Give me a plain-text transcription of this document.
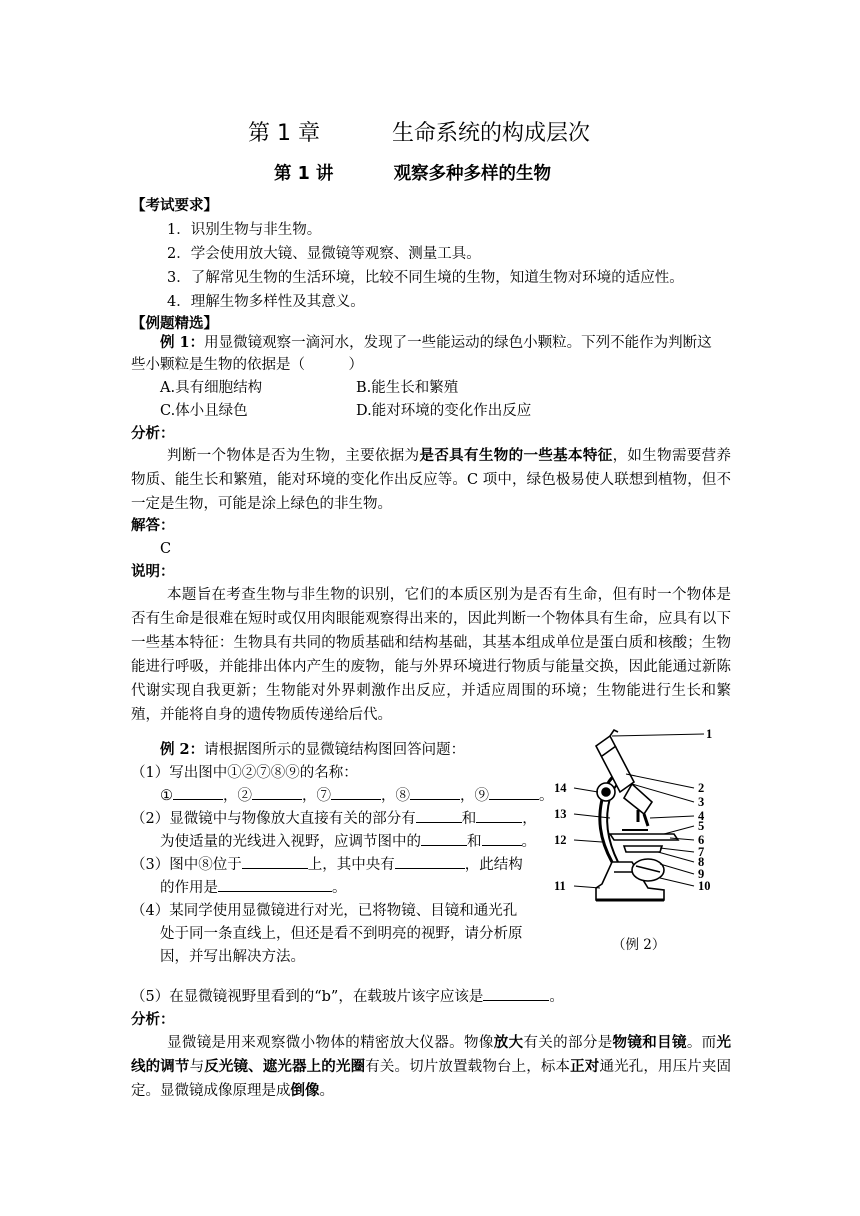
第 1 章	生命系统的构成层次
第 1 讲	观察多种多样的生物
【考试要求】
1．识别生物与非生物。
2．学会使用放大镜、显微镜等观察、测量工具。
3．了解常见生物的生活环境，比较不同生境的生物，知道生物对环境的适应性。
4．理解生物多样性及其意义。
【例题精选】
例 1：用显微镜观察一滴河水，发现了一些能运动的绿色小颗粒。下列不能作为判断这
些小颗粒是生物的依据是（　　　）
A.具有细胞结构	B.能生长和繁殖
C.体小且绿色	D.能对环境的变化作出反应
分析：
判断一个物体是否为生物，主要依据为是否具有生物的一些基本特征，如生物需要营养物质、能生长和繁殖，能对环境的变化作出反应等。C 项中，绿色极易使人联想到植物，但不一定是生物，可能是涂上绿色的非生物。
解答：
C
说明：
本题旨在考查生物与非生物的识别，它们的本质区别为是否有生命，但有时一个物体是否有生命是很难在短时或仅用肉眼能观察得出来的，因此判断一个物体具有生命，应具有以下一些基本特征：生物具有共同的物质基础和结构基础，其基本组成单位是蛋白质和核酸；生物能进行呼吸，并能排出体内产生的废物，能与外界环境进行物质与能量交换，因此能通过新陈代谢实现自我更新；生物能对外界刺激作出反应，并适应周围的环境；生物能进行生长和繁殖，并能将自身的遗传物质传递给后代。
例 2：请根据图所示的显微镜结构图回答问题：
（1）写出图中①②⑦⑧⑨的名称：
①	，②	，⑦	，⑧	，⑨	。
（2）显微镜中与物像放大直接有关的部分有	和	，
为使适量的光线进入视野，应调节图中的	和	。
（3）图中⑧位于	上，其中央有	，此结构
的作用是	。
（4）某同学使用显微镜进行对光，已将物镜、目镜和通光孔
处于同一条直线上，但还是看不到明亮的视野，请分析原
因，并写出解决方法。
（5）在显微镜视野里看到的“b”，在载玻片该字应该是	。
1
2
3
4
5
6
7
8
9
10
11
12
13
14
（例 2）
分析：
显微镜是用来观察微小物体的精密放大仪器。物像放大有关的部分是物镜和目镜。而光线的调节与反光镜、遮光器上的光圈有关。切片放置载物台上，标本正对通光孔，用压片夹固定。显微镜成像原理是成倒像。
